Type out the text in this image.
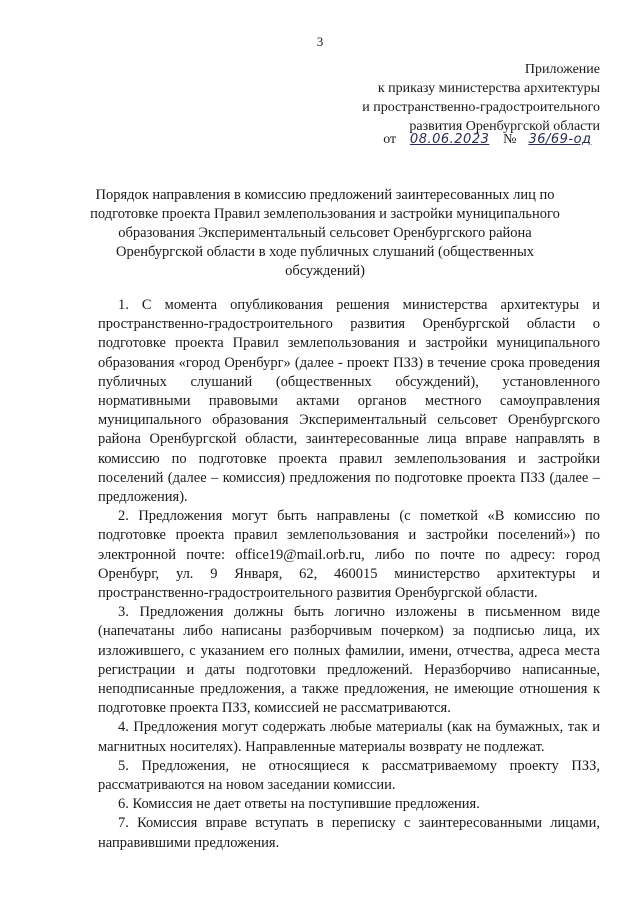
3
Приложение
к приказу министерства архитектуры
и пространственно-градостроительного
развития Оренбургской области
от 08.06.2023 № 36/69-од
Порядок направления в комиссию предложений заинтересованных лиц по подготовке проекта Правил землепользования и застройки муниципального образования Экспериментальный сельсовет Оренбургского района Оренбургской области в ходе публичных слушаний (общественных обсуждений)

1. С момента опубликования решения министерства архитектуры и пространственно-градостроительного развития Оренбургской области о подготовке проекта Правил землепользования и застройки муниципального образования «город Оренбург» (далее - проект ПЗЗ) в течение срока проведения публичных слушаний (общественных обсуждений), установленного нормативными правовыми актами органов местного самоуправления муниципального образования Экспериментальный сельсовет Оренбургского района Оренбургской области, заинтересованные лица вправе направлять в комиссию по подготовке проекта правил землепользования и застройки поселений (далее – комиссия) предложения по подготовке проекта ПЗЗ (далее – предложения).

2. Предложения могут быть направлены (с пометкой «В комиссию по подготовке проекта правил землепользования и застройки поселений») по электронной почте: office19@mail.orb.ru, либо по почте по адресу: город Оренбург, ул. 9 Января, 62, 460015 министерство архитектуры и пространственно-градостроительного развития Оренбургской области.

3. Предложения должны быть логично изложены в письменном виде (напечатаны либо написаны разборчивым почерком) за подписью лица, их изложившего, с указанием его полных фамилии, имени, отчества, адреса места регистрации и даты подготовки предложений. Неразборчиво написанные, неподписанные предложения, а также предложения, не имеющие отношения к подготовке проекта ПЗЗ, комиссией не рассматриваются.

4. Предложения могут содержать любые материалы (как на бумажных, так и магнитных носителях). Направленные материалы возврату не подлежат.

5. Предложения, не относящиеся к рассматриваемому проекту ПЗЗ, рассматриваются на новом заседании комиссии.

6. Комиссия не дает ответы на поступившие предложения.

7. Комиссия вправе вступать в переписку с заинтересованными лицами, направившими предложения.
